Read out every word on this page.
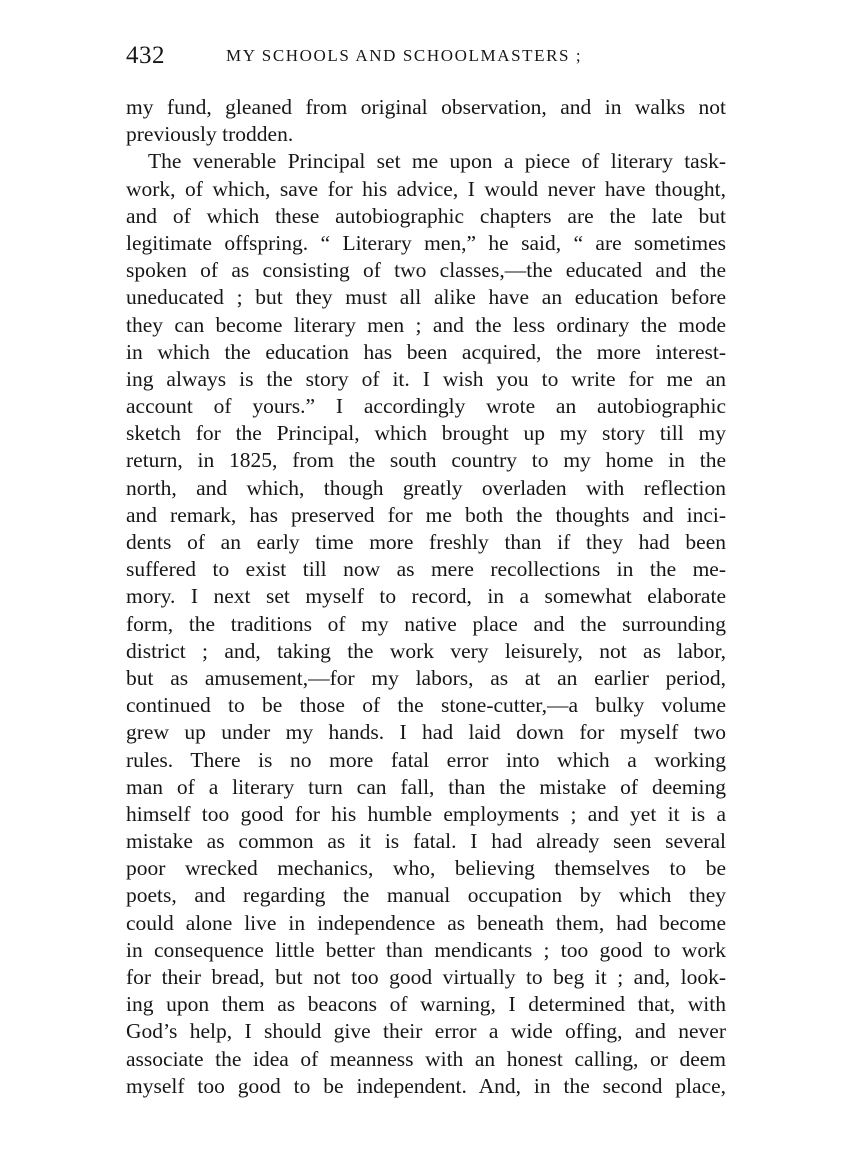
432	MY SCHOOLS AND SCHOOLMASTERS ;
my fund, gleaned from original observation, and in walks not
previously trodden.
The venerable Principal set me upon a piece of literary task-
work, of which, save for his advice, I would never have thought,
and of which these autobiographic chapters are the late but
legitimate offspring. “ Literary men,” he said, “ are sometimes
spoken of as consisting of two classes,—the educated and the
uneducated ; but they must all alike have an education before
they can become literary men ; and the less ordinary the mode
in which the education has been acquired, the more interest-
ing always is the story of it. I wish you to write for me an
account of yours.” I accordingly wrote an autobiographic
sketch for the Principal, which brought up my story till my
return, in 1825, from the south country to my home in the
north, and which, though greatly overladen with reflection
and remark, has preserved for me both the thoughts and inci-
dents of an early time more freshly than if they had been
suffered to exist till now as mere recollections in the me-
mory. I next set myself to record, in a somewhat elaborate
form, the traditions of my native place and the surrounding
district ; and, taking the work very leisurely, not as labor,
but as amusement,—for my labors, as at an earlier period,
continued to be those of the stone-cutter,—a bulky volume
grew up under my hands. I had laid down for myself two
rules. There is no more fatal error into which a working
man of a literary turn can fall, than the mistake of deeming
himself too good for his humble employments ; and yet it is a
mistake as common as it is fatal. I had already seen several
poor wrecked mechanics, who, believing themselves to be
poets, and regarding the manual occupation by which they
could alone live in independence as beneath them, had become
in consequence little better than mendicants ; too good to work
for their bread, but not too good virtually to beg it ; and, look-
ing upon them as beacons of warning, I determined that, with
God’s help, I should give their error a wide offing, and never
associate the idea of meanness with an honest calling, or deem
myself too good to be independent. And, in the second place,
